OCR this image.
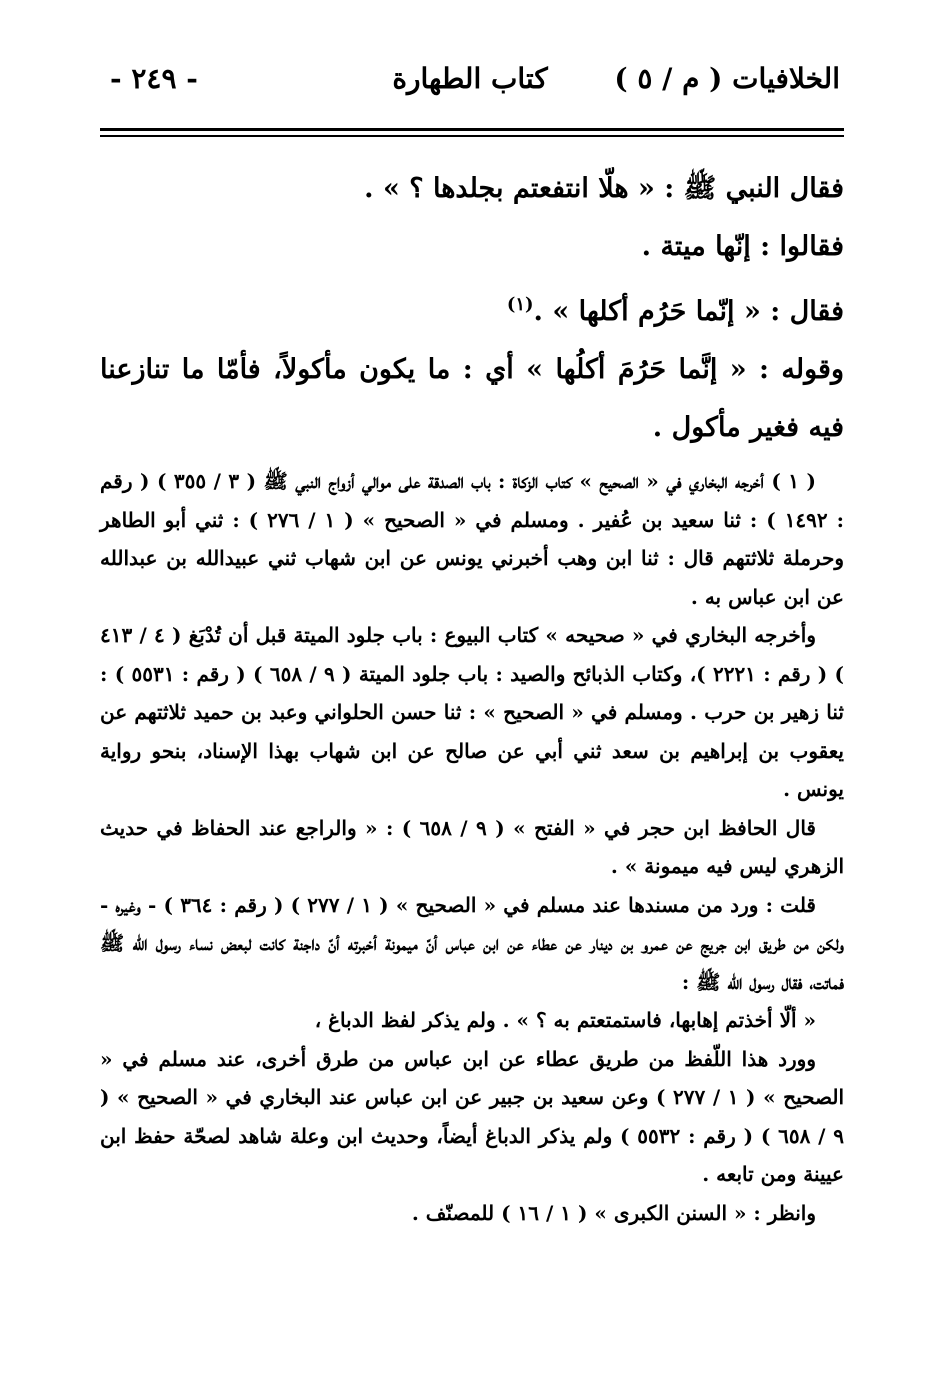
الخلافيات ( م / ٥ )
كتاب الطهارة
- ٢٤٩ -

فقال النبي ﷺ : « هلّا انتفعتم بجلدها ؟ » .

فقالوا : إنّها ميتة .

فقال : « إنّما حَرُم أكلها » .$^{(١)}$

وقوله : « إنَّما حَرُمَ أكلُها » أي : ما يكون مأكولاً، فأمّا ما تنازعنا فيه فغير مأكول .

( ١ ) أخرجه البخاري في « الصحيح » كتاب الزكاة : باب الصدقة على موالي أزواج النبي ﷺ ( ٣ / ٣٥٥ ) ( رقم : ١٤٩٢ ) : ثنا سعيد بن عُفير . ومسلم في « الصحيح » ( ١ / ٢٧٦ ) : ثني أبو الطاهر وحرملة ثلاثتهم قال : ثنا ابن وهب أخبرني يونس عن ابن شهاب ثني عبيدالله بن عبدالله عن ابن عباس به .

وأخرجه البخاري في « صحيحه » كتاب البيوع : باب جلود الميتة قبل أن تُدْبَغ ( ٤ / ٤١٣ ) ( رقم : ٢٢٢١ )، وكتاب الذبائح والصيد : باب جلود الميتة ( ٩ / ٦٥٨ ) ( رقم : ٥٥٣١ ) : ثنا زهير بن حرب . ومسلم في « الصحيح » : ثنا حسن الحلواني وعبد بن حميد ثلاثتهم عن يعقوب بن إبراهيم بن سعد ثني أبي عن صالح عن ابن شهاب بهذا الإسناد، بنحو رواية يونس .

قال الحافظ ابن حجر في « الفتح » ( ٩ / ٦٥٨ ) : « والراجع عند الحفاظ في حديث الزهري ليس فيه ميمونة » .

قلت : ورد من مسندها عند مسلم في « الصحيح » ( ١ / ٢٧٧ ) ( رقم : ٣٦٤ ) - وغيره - ولكن من طريق ابن جريج عن عمرو بن دينار عن عطاء عن ابن عباس أنّ ميمونة أخبرته أنّ داجنة كانت لبعض نساء رسول الله ﷺ فماتت، فقال رسول الله ﷺ :

« ألّا أخذتم إهابها، فاستمتعتم به ؟ » . ولم يذكر لفظ الدباغ ،

وورد هذا اللّفظ من طريق عطاء عن ابن عباس من طرق أخرى، عند مسلم في « الصحيح » ( ١ / ٢٧٧ ) وعن سعيد بن جبير عن ابن عباس عند البخاري في « الصحيح » ( ٩ / ٦٥٨ ) ( رقم : ٥٥٣٢ ) ولم يذكر الدباغ أيضاً، وحديث ابن وعلة شاهد لصحّة حفظ ابن عيينة ومن تابعه .

وانظر : « السنن الكبرى » ( ١ / ١٦ ) للمصنّف .
